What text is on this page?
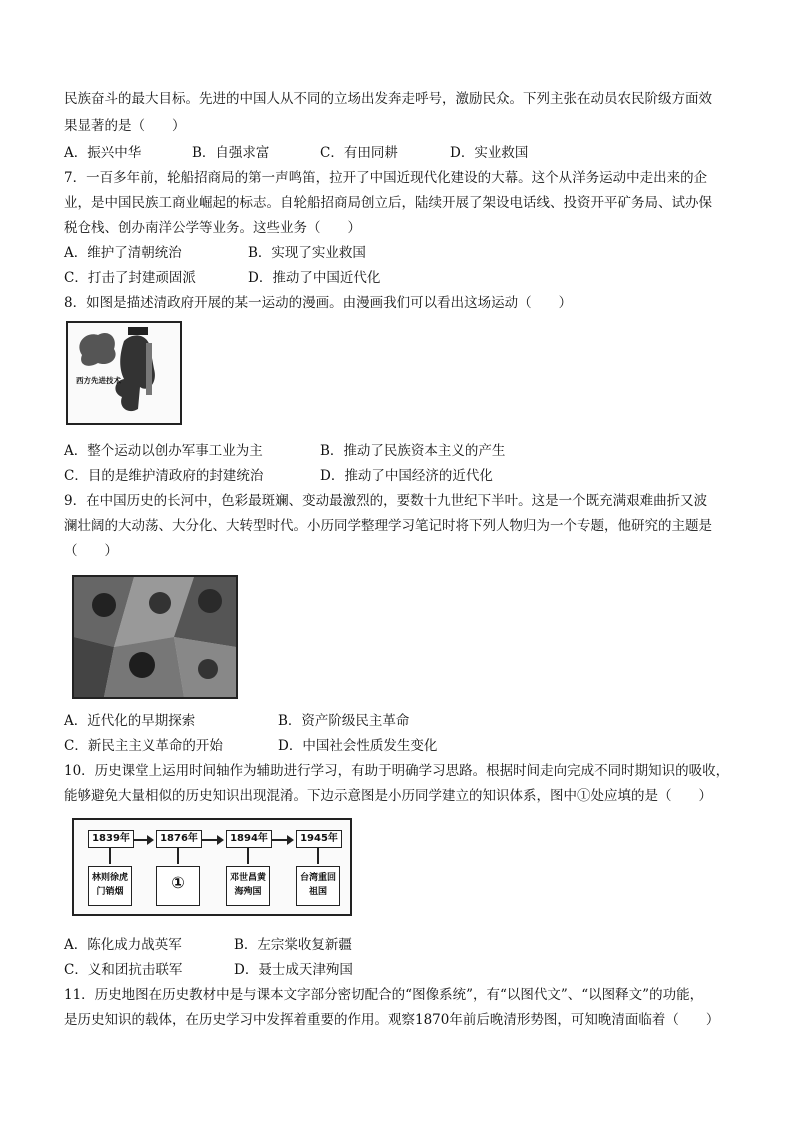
民族奋斗的最大目标。先进的中国人从不同的立场出发奔走呼号，激励民众。下列主张在动员农民阶级方面效
果显著的是（　　）
A．振兴中华	B．自强求富	C．有田同耕	D．实业救国
7．一百多年前，轮船招商局的第一声鸣笛，拉开了中国近现代化建设的大幕。这个从洋务运动中走出来的企
业，是中国民族工商业崛起的标志。自轮船招商局创立后，陆续开展了架设电话线、投资开平矿务局、试办保
税仓栈、创办南洋公学等业务。这些业务（　　）
A．维护了清朝统治	B．实现了实业救国
C．打击了封建顽固派	D．推动了中国近代化
8．如图是描述清政府开展的某一运动的漫画。由漫画我们可以看出这场运动（　　）
西方先进技术
A．整个运动以创办军事工业为主	B．推动了民族资本主义的产生
C．目的是维护清政府的封建统治	D．推动了中国经济的近代化
9．在中国历史的长河中，色彩最斑斓、变动最激烈的，要数十九世纪下半叶。这是一个既充满艰难曲折又波
澜壮阔的大动荡、大分化、大转型时代。小历同学整理学习笔记时将下列人物归为一个专题，他研究的主题是
（　　）
A．近代化的早期探索	B．资产阶级民主革命
C．新民主主义革命的开始	D．中国社会性质发生变化
10．历史课堂上运用时间轴作为辅助进行学习，有助于明确学习思路。根据时间走向完成不同时期知识的吸收，
能够避免大量相似的历史知识出现混淆。下边示意图是小历同学建立的知识体系，图中①处应填的是（　　）
1839年	1876年	1894年	1945年
林则徐虎门销烟	①	邓世昌黄海殉国
台湾重回祖国
A．陈化成力战英军	B．左宗棠收复新疆
C．义和团抗击联军	D．聂士成天津殉国
11．历史地图在历史教材中是与课本文字部分密切配合的“图像系统”，有“以图代文”、“以图释文”的功能，
是历史知识的载体，在历史学习中发挥着重要的作用。观察1870年前后晚清形势图，可知晚清面临着（　　）
